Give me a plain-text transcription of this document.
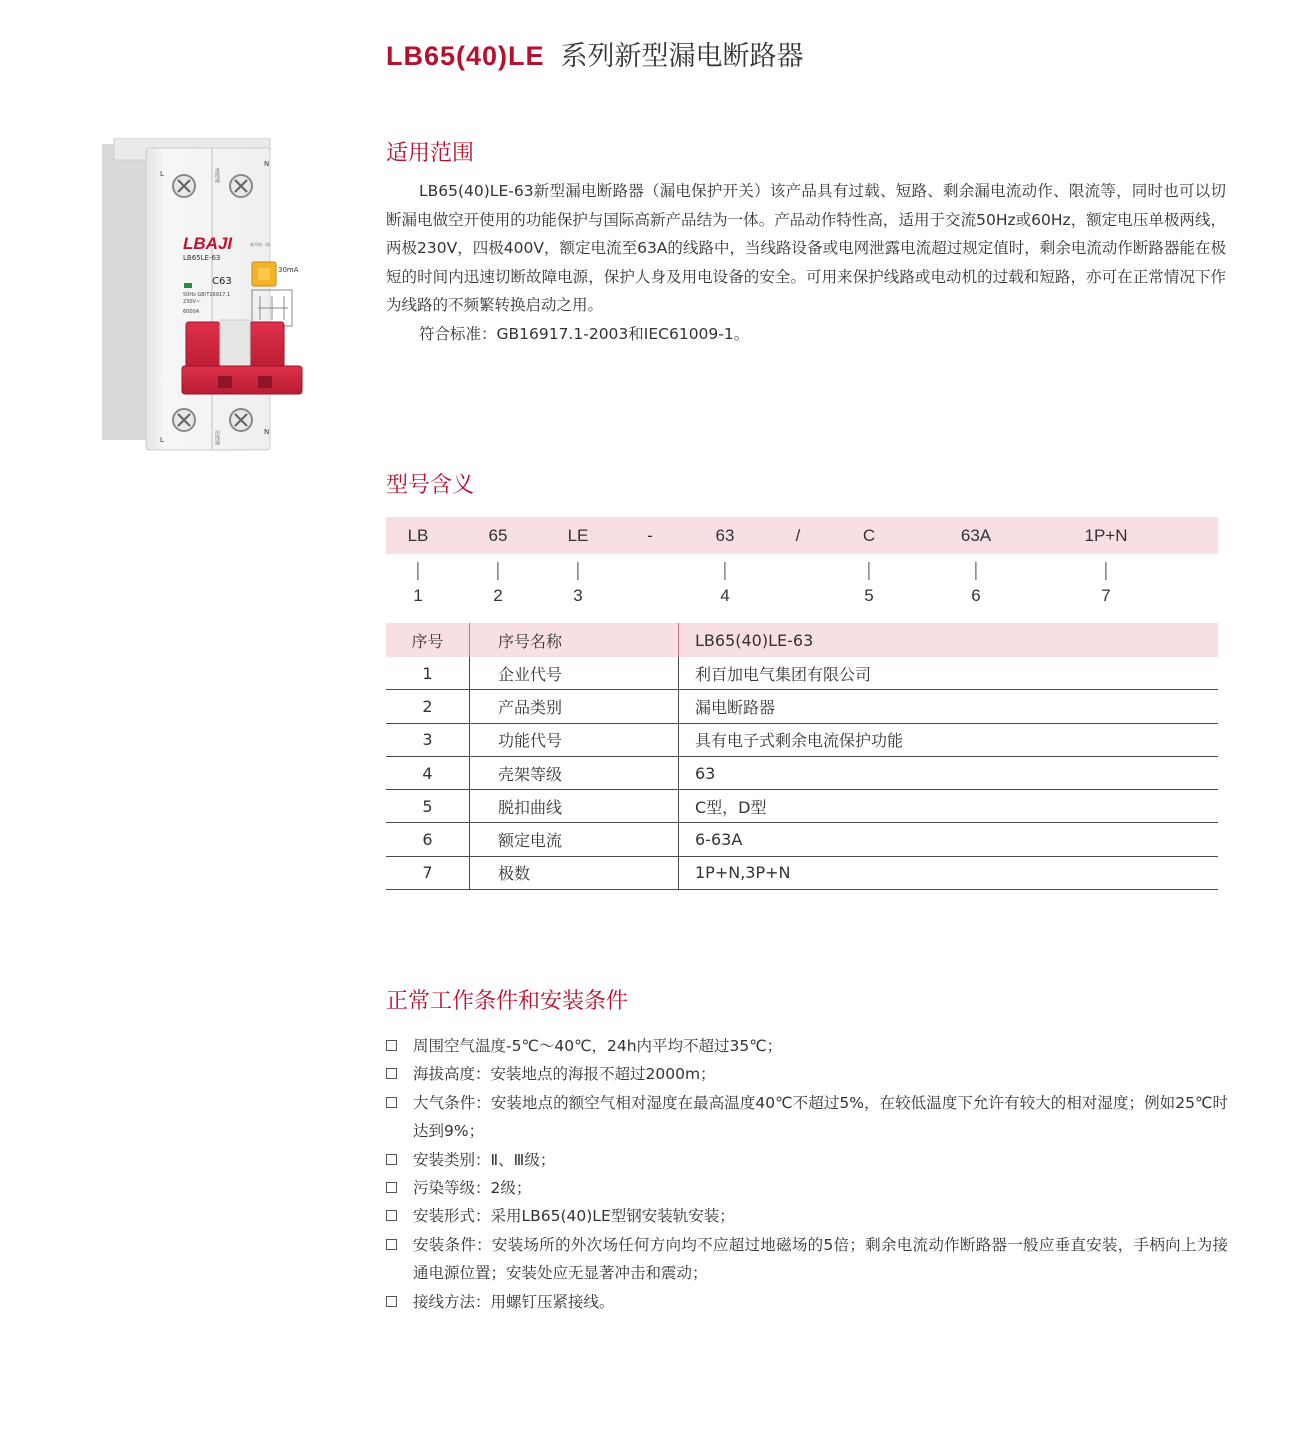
LB65(40)LE 系列新型漏电断路器
L
N
L
N
进线端
出线端
LBAJI
LB65LE-63
C63
30mA
每月按一次
50Hz GB/T16917.1
230V~
6000A
适用范围

LB65(40)LE-63新型漏电断路器（漏电保护开关）该产品具有过载、短路、剩余漏电流动作、限流等，同时也可以切断漏电做空开使用的功能保护与国际高新产品结为一体。产品动作特性高，适用于交流50Hz或60Hz，额定电压单极两线，两极230V，四极400V，额定电流至63A的线路中，当线路设备或电网泄露电流超过规定值时，剩余电流动作断路器能在极短的时间内迅速切断故障电源，保护人身及用电设备的安全。可用来保护线路或电动机的过载和短路，亦可在正常情况下作为线路的不频繁转换启动之用。

符合标准：GB16917.1-2003和IEC61009-1。

型号含义
LB	65	LE	-	63	/	C	63A	1P+N
1	2	3	4	5	6	7
序号	序号名称	LB65(40)LE-63
1	企业代号	利百加电气集团有限公司
2	产品类别	漏电断路器
3	功能代号	具有电子式剩余电流保护功能
4	壳架等级	63
5	脱扣曲线	C型，D型
6	额定电流	6-63A
7	极数	1P+N,3P+N
正常工作条件和安装条件
周围空气温度-5℃～40℃，24h内平均不超过35℃；
海拔高度：安装地点的海报不超过2000m；
大气条件：安装地点的额空气相对湿度在最高温度40℃不超过5%，在较低温度下允许有较大的相对湿度；例如25℃时达到9%；
安装类别：Ⅱ、Ⅲ级；
污染等级：2级；
安装形式：采用LB65(40)LE型钢安装轨安装；
安装条件：安装场所的外次场任何方向均不应超过地磁场的5倍；剩余电流动作断路器一般应垂直安装，手柄向上为接通电源位置；安装处应无显著冲击和震动；
接线方法：用螺钉压紧接线。
